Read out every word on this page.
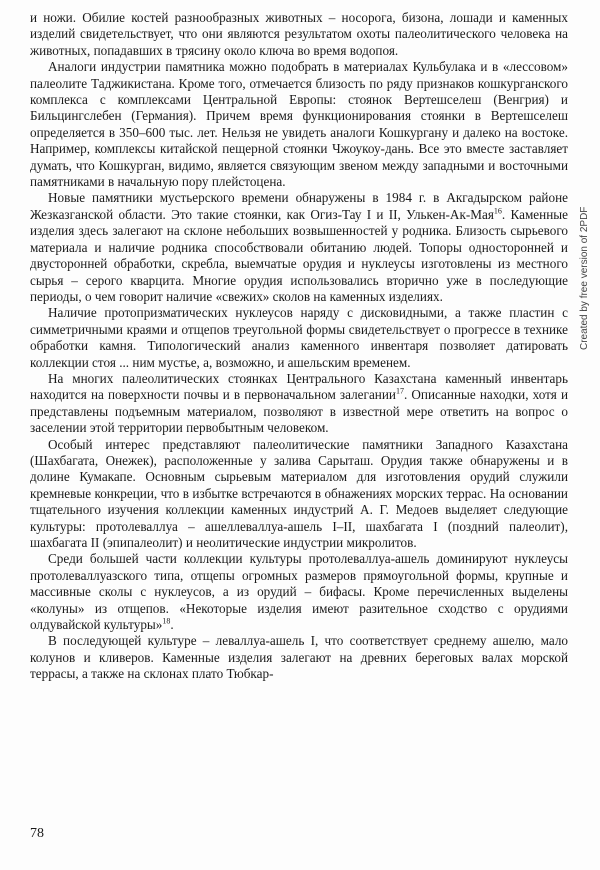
и ножи. Обилие костей разнообразных животных – носорога, бизона, лошади и каменных изделий свидетельствует, что они являются результатом охоты палеолитического человека на животных, попадавших в трясину около ключа во время водопоя.

Аналоги индустрии памятника можно подобрать в материалах Кульбулака и в «лессовом» палеолите Таджикистана. Кроме того, отмечается близость по ряду признаков кошкурганского комплекса с комплексами Центральной Европы: стоянок Вертешселеш (Венгрия) и Бильцингслебен (Германия). Причем время функционирования стоянки в Вертешселеш определяется в 350–600 тыс. лет. Нельзя не увидеть аналоги Кошкургану и далеко на востоке. Например, комплексы китайской пещерной стоянки Чжоукоу-дань. Все это вместе заставляет думать, что Кошкурган, видимо, является связующим звеном между западными и восточными памятниками в начальную пору плейстоцена.

Новые памятники мустьерского времени обнаружены в 1984 г. в Акгадырском районе Жезказганской области. Это такие стоянки, как Огиз-Тау I и II, Улькен-Ак-Мая$^{16}$. Каменные изделия здесь залегают на склоне небольших возвышенностей у родника. Близость сырьевого материала и наличие родника способствовали обитанию людей. Топоры односторонней и двусторонней обработки, скребла, выемчатые орудия и нуклеусы изготовлены из местного сырья – серого кварцита. Многие орудия использовались вторично уже в последующие периоды, о чем говорит наличие «свежих» сколов на каменных изделиях.

Наличие протопризматических нуклеусов наряду с дисковидными, а также пластин с симметричными краями и отщепов треугольной формы свидетельствует о прогрессе в технике обработки камня. Типологический анализ каменного инвентаря позволяет датировать коллекции стоя ... ним мустье, а, возможно, и ашельским временем.

На многих палеолитических стоянках Центрального Казахстана каменный инвентарь находится на поверхности почвы и в первоначальном залегании$^{17}$. Описанные находки, хотя и представлены подъемным материалом, позволяют в известной мере ответить на вопрос о заселении этой территории первобытным человеком.

Особый интерес представляют палеолитические памятники Западного Казахстана (Шахбагата, Онежек), расположенные у залива Сарыташ. Орудия также обнаружены и в долине Кумакапе. Основным сырьевым материалом для изготовления орудий служили кремневые конкреции, что в избытке встречаются в обнажениях морских террас. На основании тщательного изучения коллекции каменных индустрий А. Г. Медоев выделяет следующие культуры: протолеваллуа – ашеллеваллуа-ашель I–II, шахбагата I (поздний палеолит), шахбагата II (эпипалеолит) и неолитические индустрии микролитов.

Среди большей части коллекции культуры протолеваллуа-ашель доминируют нуклеусы протолеваллуазского типа, отщепы огромных размеров прямоугольной формы, крупные и массивные сколы с нуклеусов, а из орудий – бифасы. Кроме перечисленных выделены «колуны» из отщепов. «Некоторые изделия имеют разительное сходство с орудиями олдувайской культуры»$^{18}$.

В последующей культуре – леваллуа-ашель I, что соответствует среднему ашелю, мало колунов и кливеров. Каменные изделия залегают на древних береговых валах морской террасы, а также на склонах плато Тюбкар-

78
Created by free version of 2PDF
